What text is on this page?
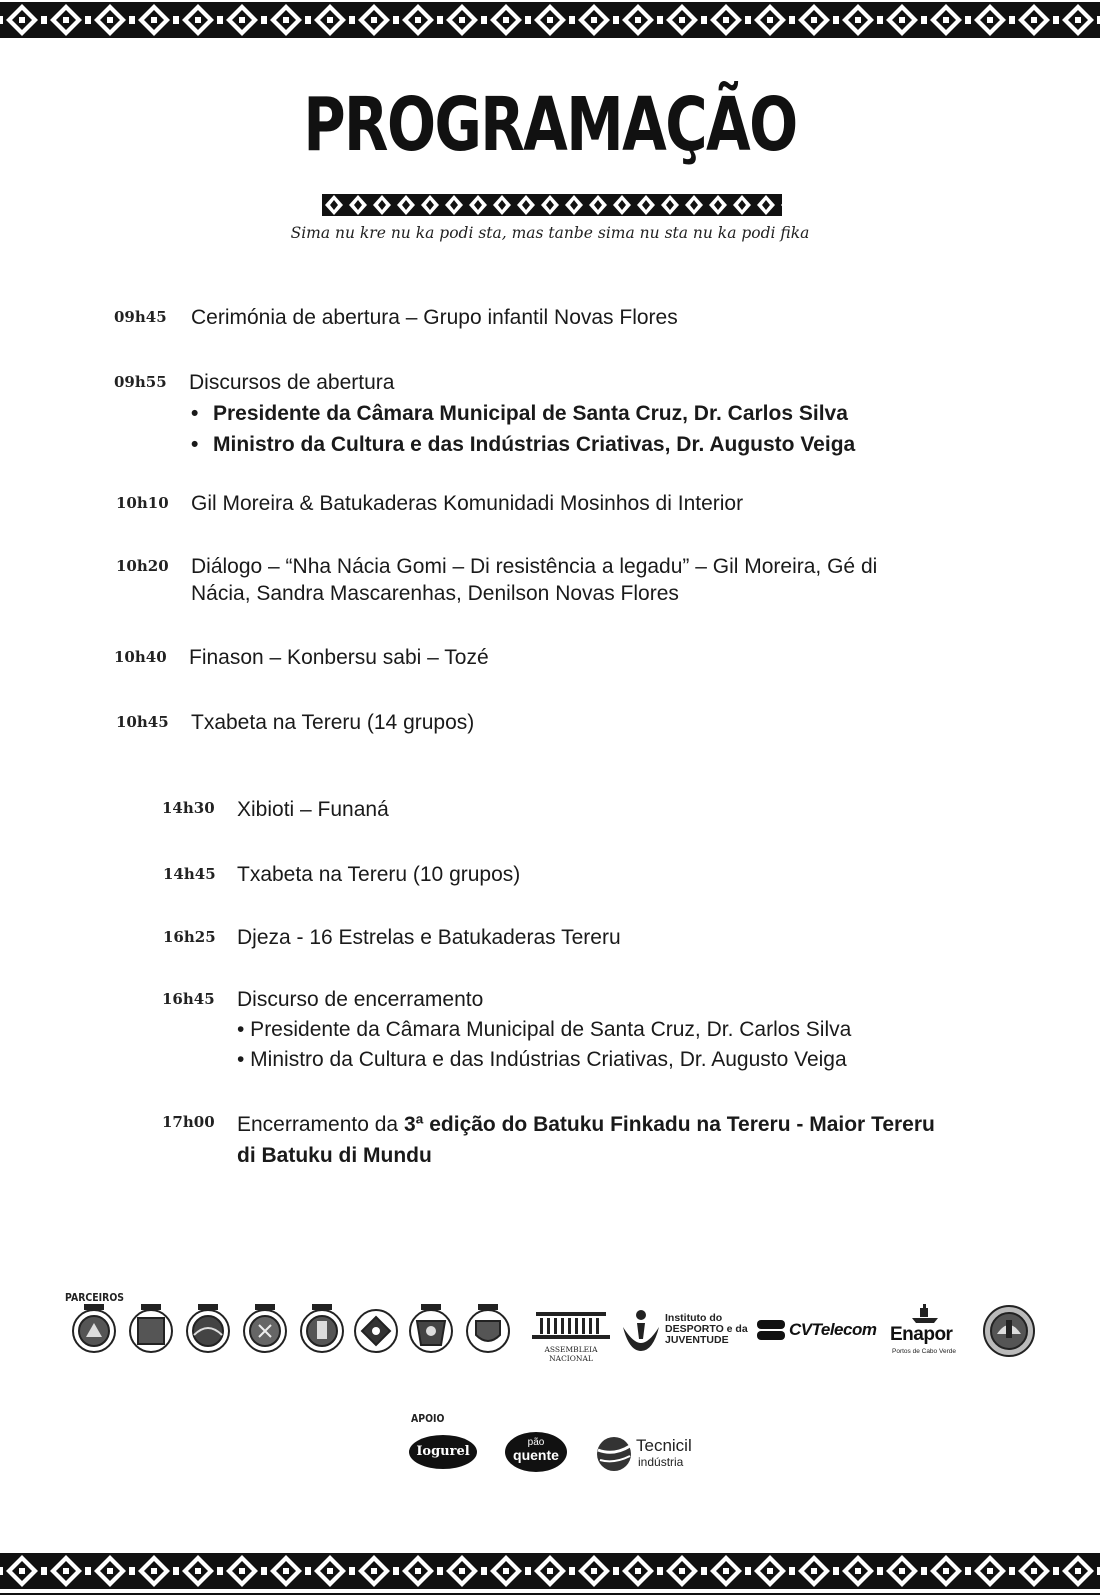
PROGRAMAÇÃO
Sima nu kre nu ka podi sta, mas tanbe sima nu sta nu ka podi fika
09h45 Cerimónia de abertura – Grupo infantil Novas Flores
09h55 Discursos de abertura
• Presidente da Câmara Municipal de Santa Cruz, Dr. Carlos Silva
• Ministro da Cultura e das Indústrias Criativas, Dr. Augusto Veiga
10h10 Gil Moreira & Batukaderas Komunidadi Mosinhos di Interior
10h20 Diálogo – “Nha Nácia Gomi – Di resistência a legadu” – Gil Moreira, Gé di
Nácia, Sandra Mascarenhas, Denilson Novas Flores
10h40 Finason – Konbersu sabi – Tozé
10h45 Txabeta na Tereru (14 grupos)
14h30 Xibioti – Funaná
14h45 Txabeta na Tereru (10 grupos)
16h25 Djeza - 16 Estrelas e Batukaderas Tereru
16h45 Discurso de encerramento
• Presidente da Câmara Municipal de Santa Cruz, Dr. Carlos Silva
• Ministro da Cultura e das Indústrias Criativas, Dr. Augusto Veiga
17h00 Encerramento da 3ª edição do Batuku Finkadu na Tereru - Maior Tereru
di Batuku di Mundu
PARCEIROS
ASSEMBLEIA NACIONAL
Instituto do
DESPORTO e da
JUVENTUDE
CVTelecom Enapor
Portos de Cabo Verde
APOIO
Iogurel
pão
quente	Tecnicil
indústria
